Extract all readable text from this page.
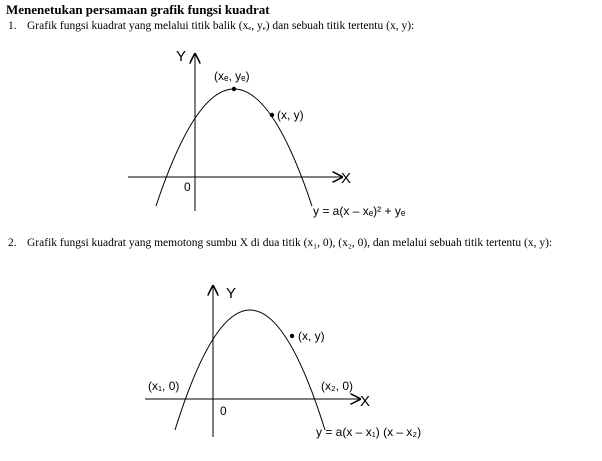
Menenetukan persamaan grafik fungsi kuadrat
1. Grafik fungsi kuadrat yang melalui titik balik (xₑ, yₑ) dan sebuah titik tertentu (x, y):
2. Grafik fungsi kuadrat yang memotong sumbu X di dua titik (x₁, 0), (x₂, 0), dan melalui sebuah titik tertentu (x, y):
Y
X
0
(xₑ, yₑ)
(x, y)
y = a(x – xₑ)² + yₑ
Y
X
0
(x₁, 0)	(x₂, 0)
(x, y)
y = a(x – x₁) (x – x₂)
